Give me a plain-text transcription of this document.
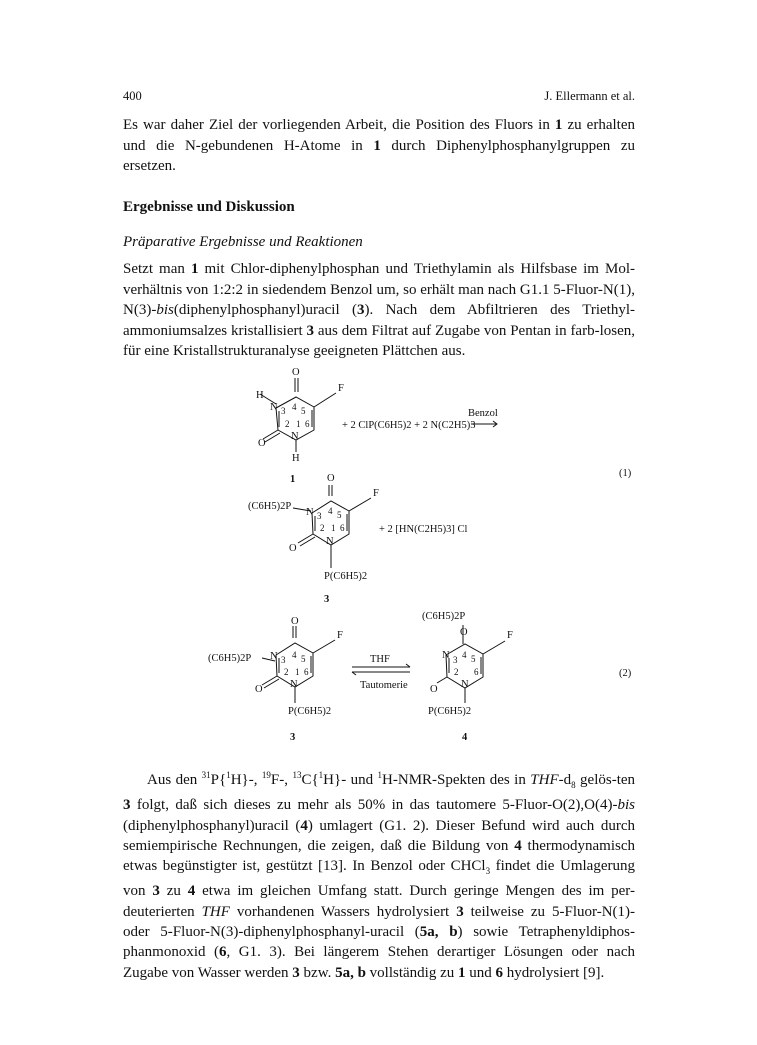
400	J. Ellermann et al.

Es war daher Ziel der vorliegenden Arbeit, die Position des Fluors in 1 zu erhalten und die N-gebundenen H-Atome in 1 durch Diphenylphosphanylgruppen zu ersetzen.

Ergebnisse und Diskussion
Präparative Ergebnisse und Reaktionen

Setzt man 1 mit Chlor-diphenylphosphan und Triethylamin als Hilfsbase im Mol-verhältnis von 1:2:2 in siedendem Benzol um, so erhält man nach G1.1 5-Fluor-N(1), N(3)-bis(diphenylphosphanyl)uracil (3). Nach dem Abfiltrieren des Triethyl-ammoniumsalzes kristallisiert 3 aus dem Filtrat auf Zugabe von Pentan in farb-losen, für eine Kristallstrukturanalyse geeigneten Plättchen aus.

O
H
N 3 4 5
2 1 6
F
O
N
H
1
+ 2 ClP(C6H5)2 + 2 N(C2H5)3
Benzol
(1)
O
(C6H5)2P
N 3 4 5
2 1 6
F
O
N
P(C6H5)2
+ 2 [HN(C2H5)3] Cl
3
O
(C6H5)2P N 3 4 5
2 1 6
F
O	N
P(C6H5)2
THF
Tautomerie
(C6H5)2P
O
N 3 4 5
2 6
F
O N
P(C6H5)2
3	4
(2)

Aus den $^{31}$P{$^1$H}-, $^{19}$F-, $^{13}$C{$^1$H}- und $^1$H-NMR-Spekten des in THF-$d_8$ gelös-ten 3 folgt, daß sich dieses zu mehr als 50% in das tautomere 5-Fluor-O(2),O(4)-bis (diphenylphosphanyl)uracil (4) umlagert (G1. 2). Dieser Befund wird auch durch semiempirische Rechnungen, die zeigen, daß die Bildung von 4 thermodynamisch etwas begünstigter ist, gestützt [13]. In Benzol oder CHCl$_3$ findet die Umlagerung von 3 zu 4 etwa im gleichen Umfang statt. Durch geringe Mengen des im per-deuterierten THF vorhandenen Wassers hydrolysiert 3 teilweise zu 5-Fluor-N(1)-oder 5-Fluor-N(3)-diphenylphosphanyl-uracil (5a, b) sowie Tetraphenyldiphos-phanmonoxid (6, G1. 3). Bei längerem Stehen derartiger Lösungen oder nach Zugabe von Wasser werden 3 bzw. 5a, b vollständig zu 1 und 6 hydrolysiert [9].
